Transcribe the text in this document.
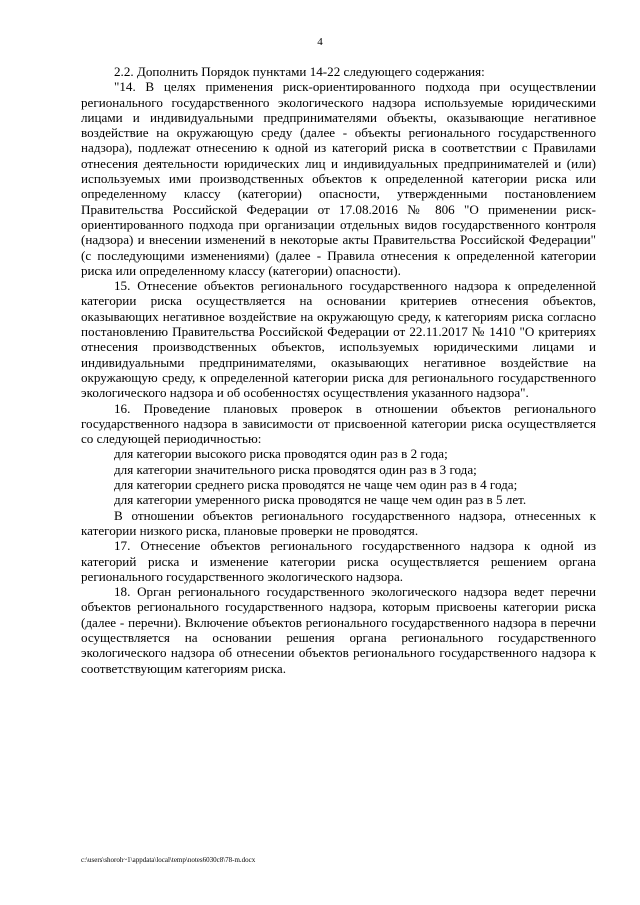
4

2.2. Дополнить Порядок пунктами 14-22 следующего содержания:

"14. В целях применения риск-ориентированного подхода при осуществлении регионального государственного экологического надзора используемые юридическими лицами и индивидуальными предпринимателями объекты, оказывающие негативное воздействие на окружающую среду (далее - объекты регионального государственного надзора), подлежат отнесению к одной из категорий риска в соответствии с Правилами отнесения деятельности юридических лиц и индивидуальных предпринимателей и (или) используемых ими производственных объектов к определенной категории риска или определенному классу (категории) опасности, утвержденными постановлением Правительства Российской Федерации от 17.08.2016 № 806 "О применении риск-ориентированного подхода при организации отдельных видов государственного контроля (надзора) и внесении изменений в некоторые акты Правительства Российской Федерации" (с последующими изменениями) (далее - Правила отнесения к определенной категории риска или определенному классу (категории) опасности).

15. Отнесение объектов регионального государственного надзора к определенной категории риска осуществляется на основании критериев отнесения объектов, оказывающих негативное воздействие на окружающую среду, к категориям риска согласно постановлению Правительства Российской Федерации от 22.11.2017 № 1410 "О критериях отнесения производственных объектов, используемых юридическими лицами и индивидуальными предпринимателями, оказывающих негативное воздействие на окружающую среду, к определенной категории риска для регионального государственного экологического надзора и об особенностях осуществления указанного надзора".

16. Проведение плановых проверок в отношении объектов регионального государственного надзора в зависимости от присвоенной категории риска осуществляется со следующей периодичностью:

для категории высокого риска проводятся один раз в 2 года;

для категории значительного риска проводятся один раз в 3 года;

для категории среднего риска проводятся не чаще чем один раз в 4 года;

для категории умеренного риска проводятся не чаще чем один раз в 5 лет.

В отношении объектов регионального государственного надзора, отнесенных к категории низкого риска, плановые проверки не проводятся.

17. Отнесение объектов регионального государственного надзора к одной из категорий риска и изменение категории риска осуществляется решением органа регионального государственного экологического надзора.

18. Орган регионального государственного экологического надзора ведет перечни объектов регионального государственного надзора, которым присвоены категории риска (далее - перечни). Включение объектов регионального государственного надзора в перечни осуществляется на основании решения органа регионального государственного экологического надзора об отнесении объектов регионального государственного надзора к соответствующим категориям риска.

c:\users\shoroh~1\appdata\local\temp\notes6030c8\78-m.docx
